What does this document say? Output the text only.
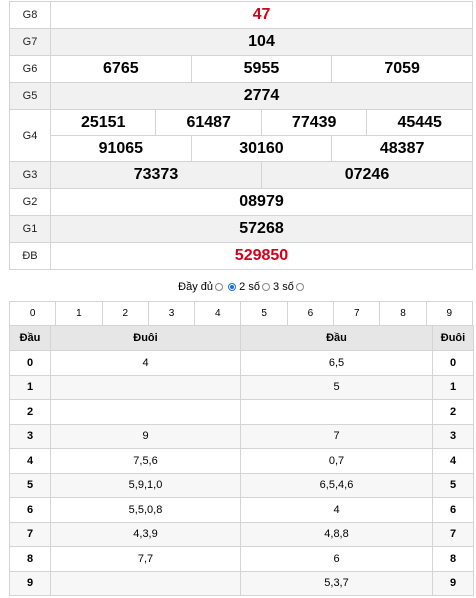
G8	47					
G7	104					
G6	6765		5955		7059	
G5	2774					
G4	25151	61487		77439		45445
	91065		30160		48387	
G3	73373			07246		
G2	08979					
G1	57268					
ĐB	529850					
Đầy đủ 2 số 3 số
0	1	2	3	4	5	6	7	8	9
Đầu	Đuôi	Đầu	Đuôi
0	4	6,5	0
1		5	1
2			2
3	9	7	3
4	7,5,6	0,7	4
5	5,9,1,0	6,5,4,6	5
6	5,5,0,8	4	6
7	4,3,9	4,8,8	7
8	7,7	6	8
9		5,3,7	9
